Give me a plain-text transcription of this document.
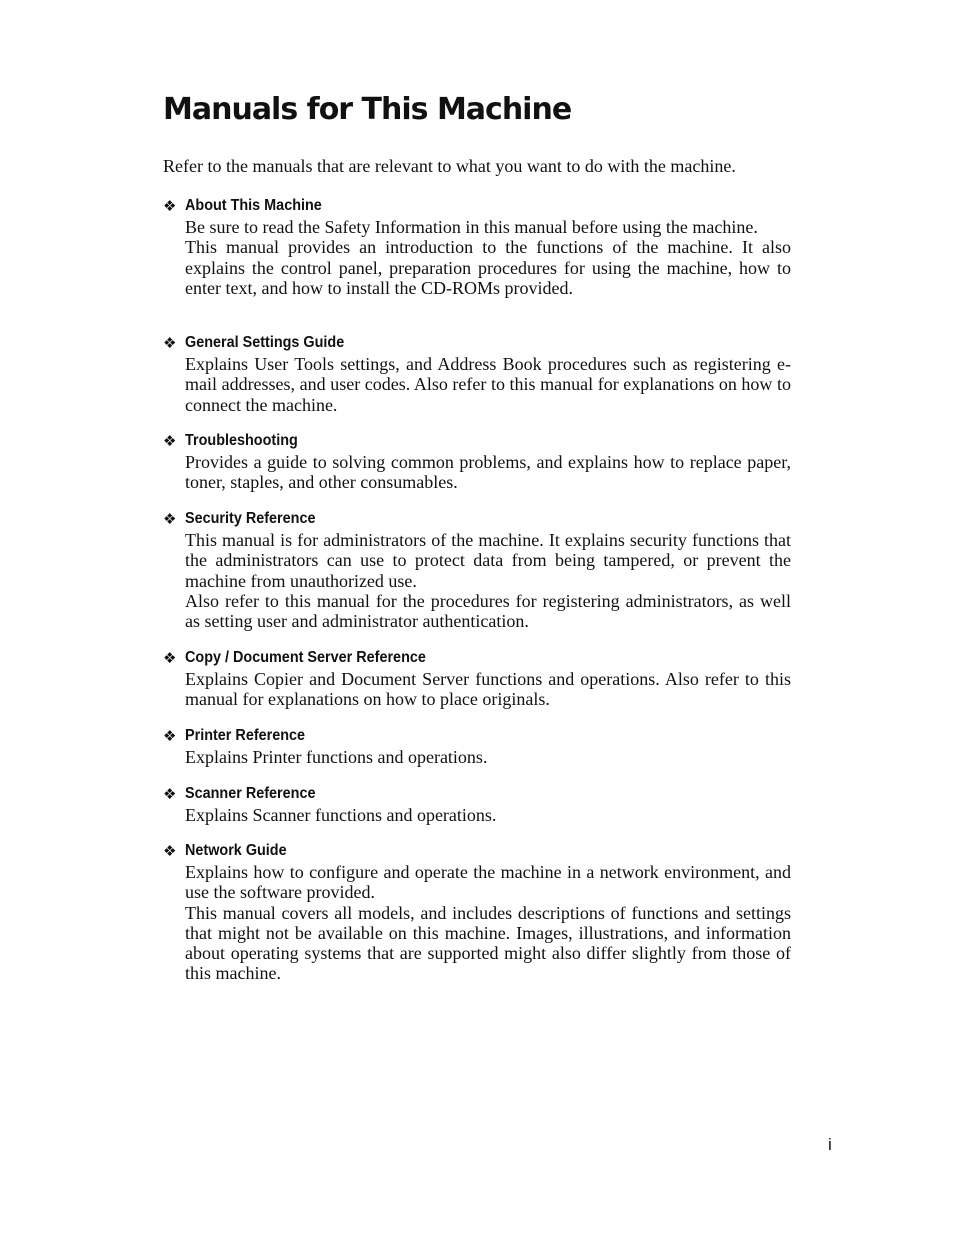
Manuals for This Machine

Refer to the manuals that are relevant to what you want to do with the machine.

❖ About This Machine

Be sure to read the Safety Information in this manual before using the machine.

This manual provides an introduction to the functions of the machine. It also explains the control panel, preparation procedures for using the machine, how to enter text, and how to install the CD-ROMs provided.

❖ General Settings Guide

Explains User Tools settings, and Address Book procedures such as registering e-mail addresses, and user codes. Also refer to this manual for explanations on how to connect the machine.

❖ Troubleshooting

Provides a guide to solving common problems, and explains how to replace paper, toner, staples, and other consumables.

❖ Security Reference

This manual is for administrators of the machine. It explains security functions that the administrators can use to protect data from being tampered, or prevent the machine from unauthorized use.

Also refer to this manual for the procedures for registering administrators, as well as setting user and administrator authentication.

❖ Copy / Document Server Reference

Explains Copier and Document Server functions and operations. Also refer to this manual for explanations on how to place originals.

❖ Printer Reference

Explains Printer functions and operations.

❖ Scanner Reference

Explains Scanner functions and operations.

❖ Network Guide

Explains how to configure and operate the machine in a network environment, and use the software provided.

This manual covers all models, and includes descriptions of functions and settings that might not be available on this machine. Images, illustrations, and information about operating systems that are supported might also differ slightly from those of this machine.

i
